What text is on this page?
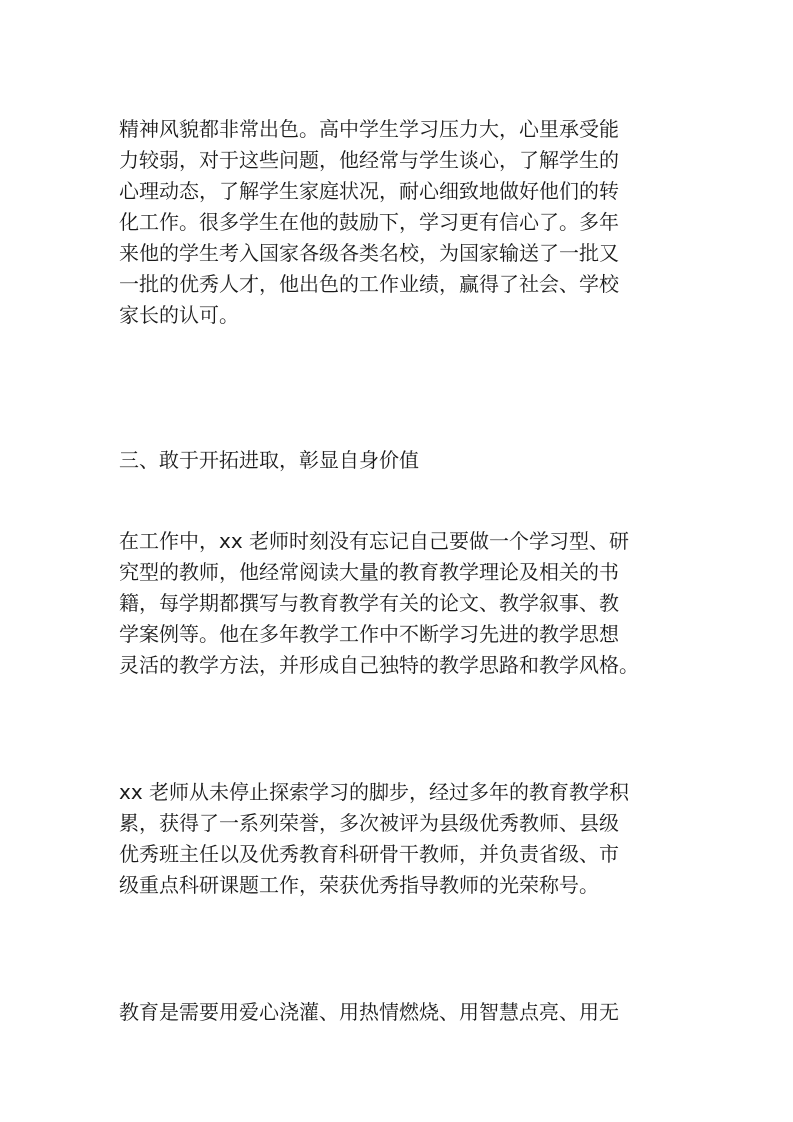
精神风貌都非常出色。高中学生学习压力大，心里承受能
力较弱，对于这些问题，他经常与学生谈心，了解学生的
心理动态，了解学生家庭状况，耐心细致地做好他们的转
化工作。很多学生在他的鼓励下，学习更有信心了。多年
来他的学生考入国家各级各类名校，为国家输送了一批又
一批的优秀人才，他出色的工作业绩，赢得了社会、学校
家长的认可。
三、敢于开拓进取，彰显自身价值
在工作中，xx 老师时刻没有忘记自己要做一个学习型、研
究型的教师，他经常阅读大量的教育教学理论及相关的书
籍，每学期都撰写与教育教学有关的论文、教学叙事、教
学案例等。他在多年教学工作中不断学习先进的教学思想
灵活的教学方法，并形成自己独特的教学思路和教学风格。
xx 老师从未停止探索学习的脚步，经过多年的教育教学积
累，获得了一系列荣誉，多次被评为县级优秀教师、县级
优秀班主任以及优秀教育科研骨干教师，并负责省级、市
级重点科研课题工作，荣获优秀指导教师的光荣称号。
教育是需要用爱心浇灌、用热情燃烧、用智慧点亮、用无
